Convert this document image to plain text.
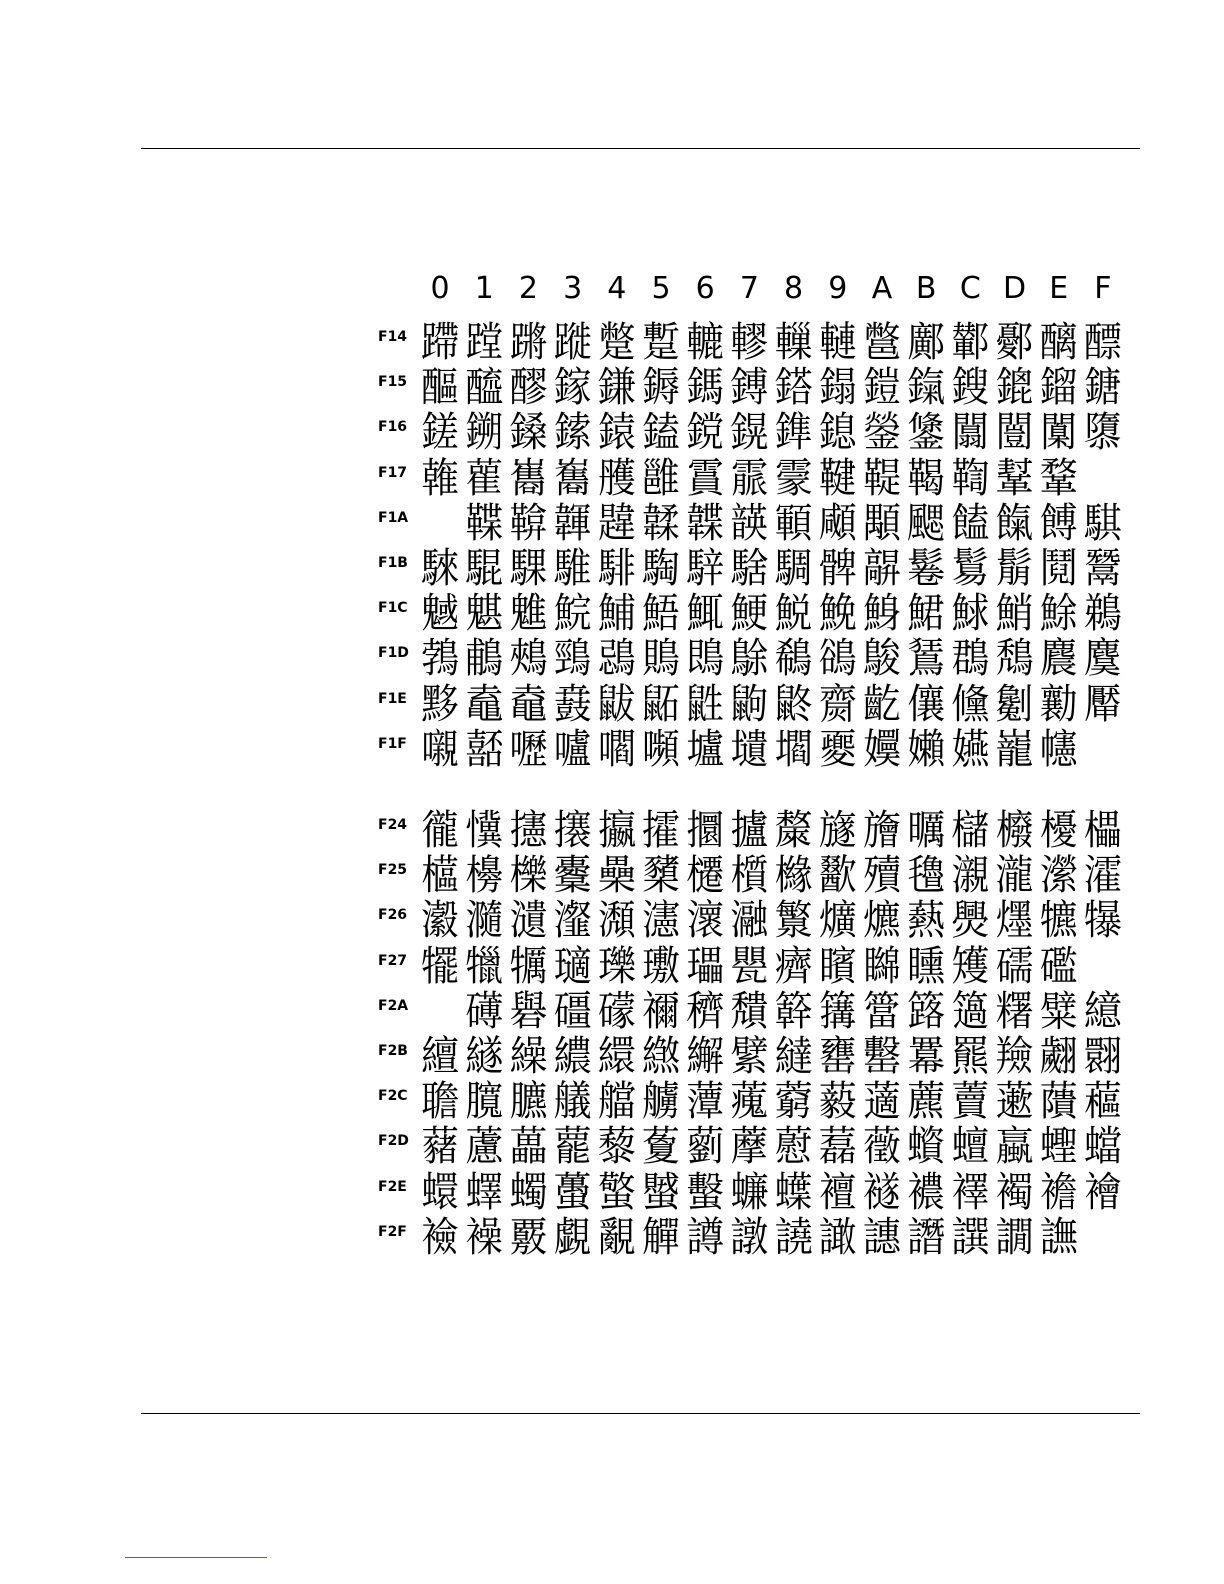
0 1 2 3 4 5 6 7 8 9 A B C D E F
F14 蹛 蹚 蹡 蹝 蹩 蹔 轆 轇 轈 轋 鄨 鄺 鄻 鄾 醨 醥
F15 醧 醯 醪 鎵 鎌 鎒 鎷 鎛 鎝 鎉 鎧 鎎 鎪 鎞 鎦 鎕
F16 鎈 鎙 鎟 鎍 鎱 鎑 鎲 鎤 鎨 鎴 鎣 鎥 闒 闓 闑 隳
F17 雗 雚 巂 雟 雘 雝 霣 霢 霥 鞬 鞮 鞨 鞫 鞤 鞪
F1A 鞢 鞥 韗 韙 韖 韘 韺 顐 顑 顒 颸 饁 餼 餺 騏
F1B 騋 騉 騍 騅 騑 騊 騂 騇 騆 髀 髜 鬈 鬄 鬅 鬩 鬵
F1C 魊 魌 魋 鯇 鯆 鯃 鮿 鯁 鮵 鮸 鯓 鮶 鯄 鮹 鮽 鵜
F1D 鵓 鵏 鵊 鵛 鵋 鵙 鵖 鵌 鵗 鵒 鵔 鵟 鵘 鵚 麎 麌
F1E 黟 鼁 鼀 鼖 鼥 鼫 鼪 鼩 鼨 齌 齕 儴 儵 劖 勷 厴
F1F 嚫 嚭 嚦 嚧 嚪 嚬 壚 壝 壛 夒 嬽 嬾 嬿 巃 幰
F24 徿 懻 攇 攐 攍 攉 攌 攎 斄 旞 旝 曞 櫧 櫠 櫌 櫑
F25 櫙 櫋 櫟 櫜 櫐 櫫 櫏 櫍 櫞 歠 殰 氌 瀙 瀧 瀠 瀖
F26 瀫 瀡 瀢 瀣 瀩 瀗 瀤 瀜 瀪 爌 爊 爇 爂 爅 犥 犦
F27 犤 犣 犡 瓋 瓅 璷 瓃 甖 癠 矉 矊 矄 矱 礝 礛
F2A 礡 礜 礓 礞 禰 穧 穨 簳 簼 簹 簬 簻 糬 糪 繶
F2B 繵 繸 繰 繷 繯 繺 繲 繴 繨 罋 罊 羃 羆 羷 翽 翾
F2C 聸 臗 臕 艤 艡 艣 藫 藱 藭 藙 藡 藨 藚 藗 藬 藲
F2D 藸 藘 藟 藣 藜 藑 藰 藦 藯 藞 藢 蠀 蟺 蠃 蟶 蟷
F2E 蠉 蠌 蠋 蠆 蟼 蠈 蟿 蠊 蠂 襢 襚 襛 襗 襡 襜 襘
F2F 襝 襙 覈 覷 覶 觶 譐 譈 譊 譀 譓 譖 譔 譋 譕
